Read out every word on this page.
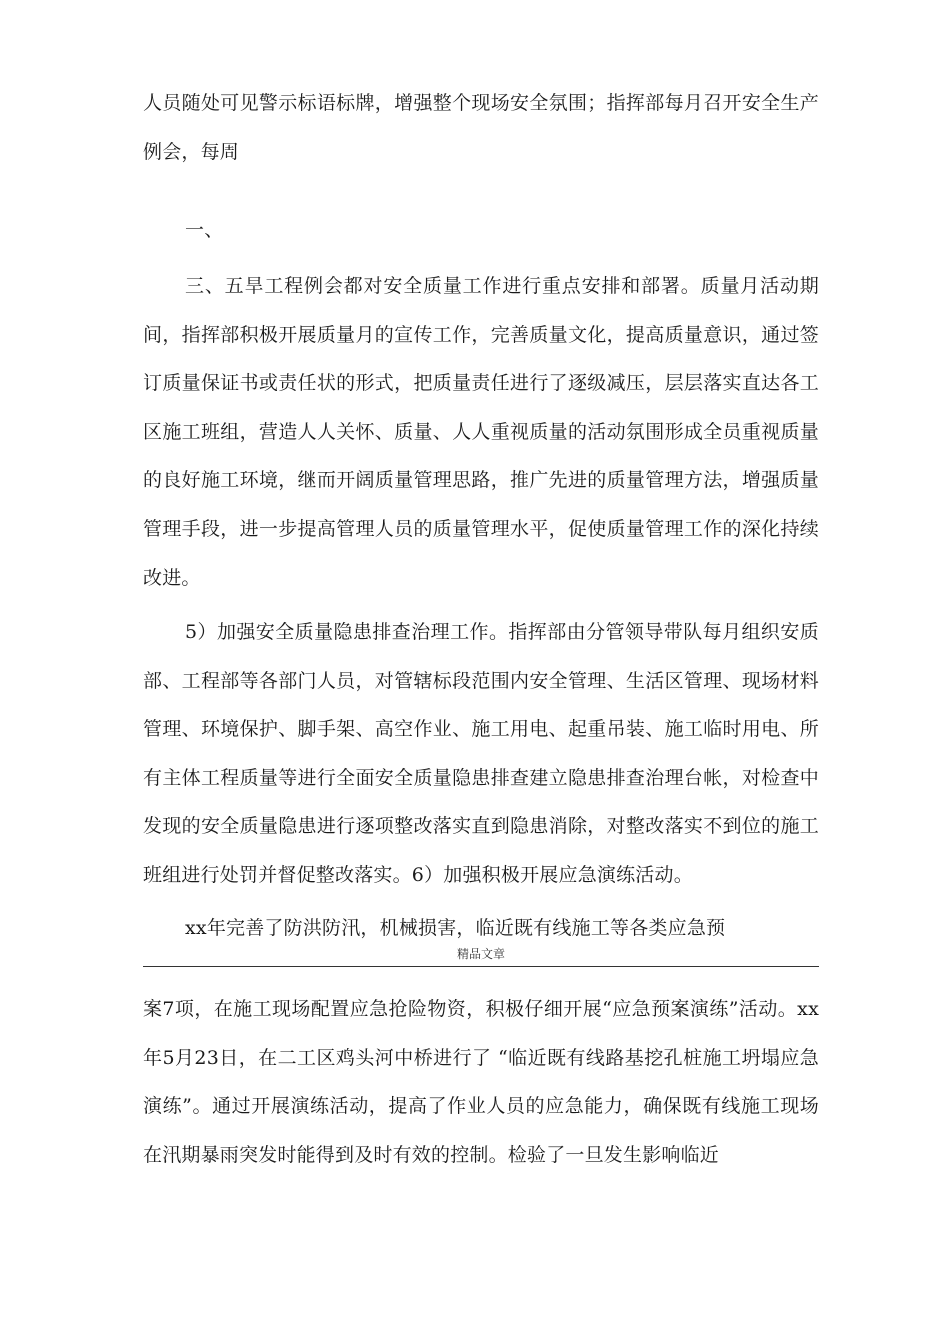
人员随处可见警示标语标牌，增强整个现场安全氛围；指挥部每月召开安全生产例会，每周
一、
三、五旱工程例会都对安全质量工作进行重点安排和部署。质量月活动期间，指挥部积极开展质量月的宣传工作，完善质量文化，提高质量意识，通过签订质量保证书或责任状的形式，把质量责任进行了逐级减压，层层落实直达各工区施工班组，营造人人关怀、质量、人人重视质量的活动氛围形成全员重视质量的良好施工环境，继而开阔质量管理思路，推广先进的质量管理方法，增强质量管理手段，进一步提高管理人员的质量管理水平，促使质量管理工作的深化持续改进。
5）加强安全质量隐患排查治理工作。指挥部由分管领导带队每月组织安质部、工程部等各部门人员，对管辖标段范围内安全管理、生活区管理、现场材料管理、环境保护、脚手架、高空作业、施工用电、起重吊装、施工临时用电、所有主体工程质量等进行全面安全质量隐患排查建立隐患排查治理台帐，对检查中发现的安全质量隐患进行逐项整改落实直到隐患消除，对整改落实不到位的施工班组进行处罚并督促整改落实。6）加强积极开展应急演练活动。
xx年完善了防洪防汛，机械损害，临近既有线施工等各类应急预
精品文章
案7项，在施工现场配置应急抢险物资，积极仔细开展“应急预案演练”活动。xx年5月23日，在二工区鸡头河中桥进行了 “临近既有线路基挖孔桩施工坍塌应急演练”。通过开展演练活动，提高了作业人员的应急能力，确保既有线施工现场在汛期暴雨突发时能得到及时有效的控制。检验了一旦发生影响临近
